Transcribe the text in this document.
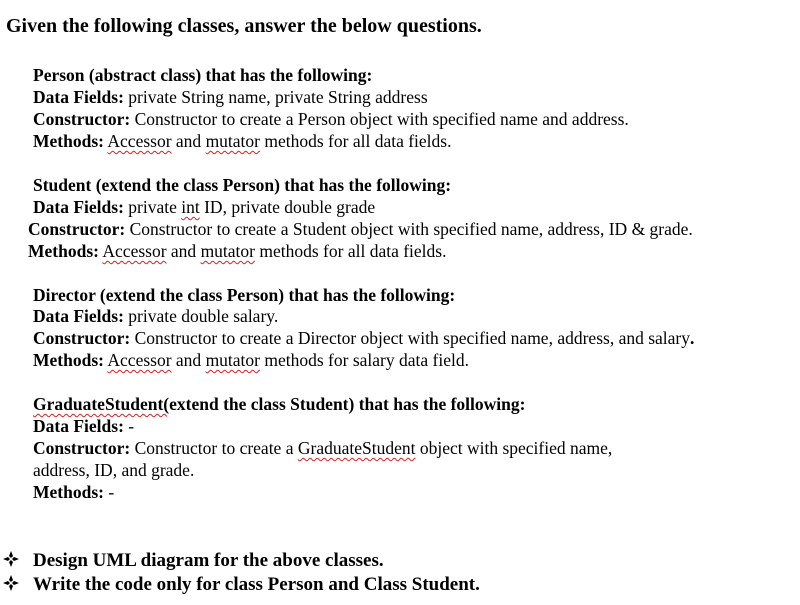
Given the following classes, answer the below questions.
Person (abstract class) that has the following:
Data Fields: private String name, private String address
Constructor: Constructor to create a Person object with specified name and address.
Methods: Accessor and mutator methods for all data fields.
Student (extend the class Person) that has the following:
Data Fields: private int ID, private double grade
Constructor: Constructor to create a Student object with specified name, address, ID & grade.
Methods: Accessor and mutator methods for all data fields.
Director (extend the class Person) that has the following:
Data Fields: private double salary.
Constructor: Constructor to create a Director object with specified name, address, and salary.
Methods: Accessor and mutator methods for salary data field.
GraduateStudent(extend the class Student) that has the following:
Data Fields: -
Constructor: Constructor to create a GraduateStudent object with specified name,
address, ID, and grade.
Methods: -
Design UML diagram for the above classes.
Write the code only for class Person and Class Student.
